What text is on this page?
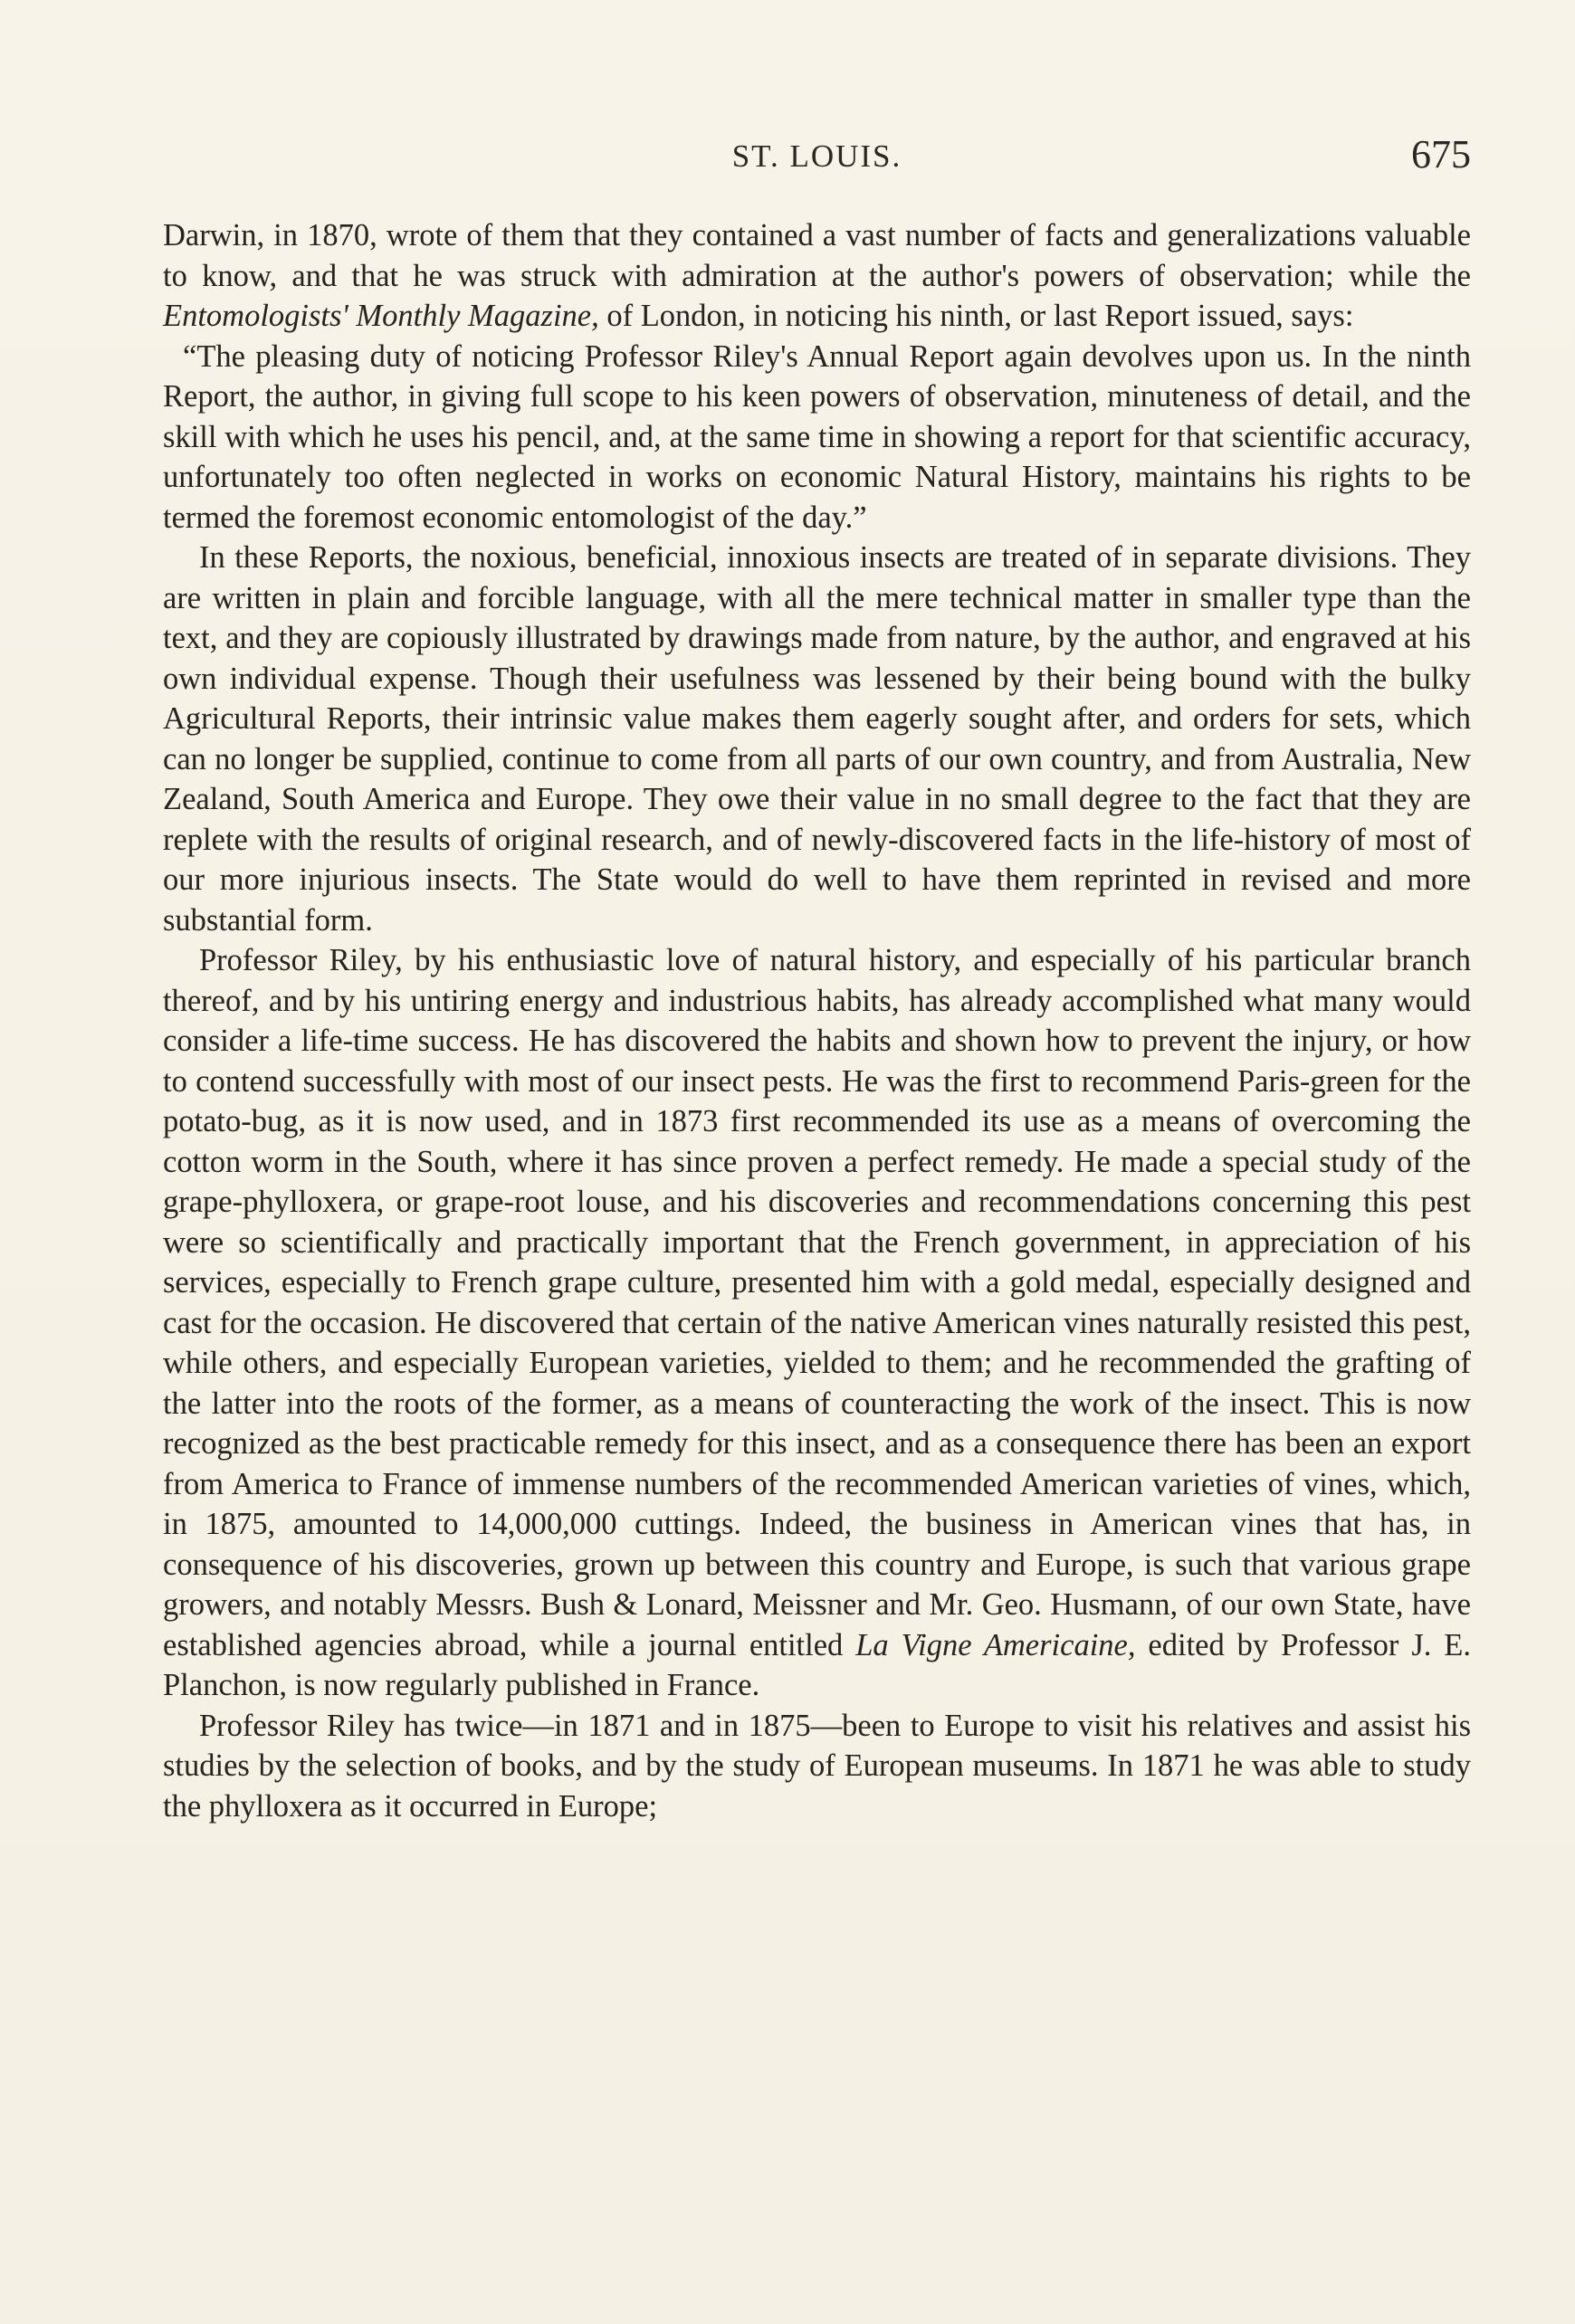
ST. LOUIS.	675

Darwin, in 1870, wrote of them that they contained a vast number of facts and generalizations valuable to know, and that he was struck with admiration at the author's powers of observation; while the Entomologists' Monthly Magazine, of London, in noticing his ninth, or last Report issued, says:

“The pleasing duty of noticing Professor Riley's Annual Report again devolves upon us. In the ninth Report, the author, in giving full scope to his keen powers of observation, minuteness of detail, and the skill with which he uses his pencil, and, at the same time in showing a report for that scientific accuracy, unfortunately too often neglected in works on economic Natural History, maintains his rights to be termed the foremost economic entomologist of the day.”

In these Reports, the noxious, beneficial, innoxious insects are treated of in separate divisions. They are written in plain and forcible language, with all the mere technical matter in smaller type than the text, and they are copiously illustrated by drawings made from nature, by the author, and engraved at his own individual expense. Though their usefulness was lessened by their being bound with the bulky Agricultural Reports, their intrinsic value makes them eagerly sought after, and orders for sets, which can no longer be supplied, continue to come from all parts of our own country, and from Australia, New Zealand, South America and Europe. They owe their value in no small degree to the fact that they are replete with the results of original research, and of newly-discovered facts in the life-history of most of our more injurious insects. The State would do well to have them reprinted in revised and more substantial form.

Professor Riley, by his enthusiastic love of natural history, and especially of his particular branch thereof, and by his untiring energy and industrious habits, has already accomplished what many would consider a life-time success. He has discovered the habits and shown how to prevent the injury, or how to contend successfully with most of our insect pests. He was the first to recommend Paris-green for the potato-bug, as it is now used, and in 1873 first recommended its use as a means of overcoming the cotton worm in the South, where it has since proven a perfect remedy. He made a special study of the grape-phylloxera, or grape-root louse, and his discoveries and recommendations concerning this pest were so scientifically and practically important that the French government, in appreciation of his services, especially to French grape culture, presented him with a gold medal, especially designed and cast for the occasion. He discovered that certain of the native American vines naturally resisted this pest, while others, and especially European varieties, yielded to them; and he recommended the grafting of the latter into the roots of the former, as a means of counteracting the work of the insect. This is now recognized as the best practicable remedy for this insect, and as a consequence there has been an export from America to France of immense numbers of the recommended American varieties of vines, which, in 1875, amounted to 14,000,000 cuttings. Indeed, the business in American vines that has, in consequence of his discoveries, grown up between this country and Europe, is such that various grape growers, and notably Messrs. Bush & Lonard, Meissner and Mr. Geo. Husmann, of our own State, have established agencies abroad, while a journal entitled La Vigne Americaine, edited by Professor J. E. Planchon, is now regularly published in France.

Professor Riley has twice—in 1871 and in 1875—been to Europe to visit his relatives and assist his studies by the selection of books, and by the study of European museums. In 1871 he was able to study the phylloxera as it occurred in Europe;
